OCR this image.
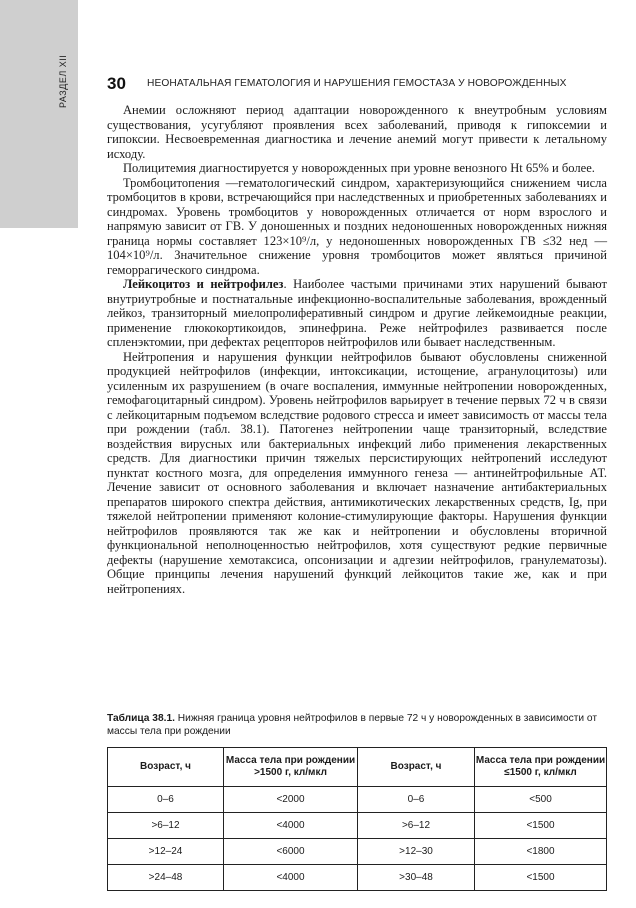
РАЗДЕЛ XII 30 НЕОНАТАЛЬНАЯ ГЕМАТОЛОГИЯ И НАРУШЕНИЯ ГЕМОСТАЗА У НОВОРОЖДЕННЫХ

Анемии осложняют период адаптации новорожденного к внеутробным условиям существования, усугубляют проявления всех заболеваний, приводя к гипоксемии и гипоксии. Несвоевременная диагностика и лечение анемий могут привести к летальному исходу.

Полицитемия диагностируется у новорожденных при уровне венозного Ht 65% и более.

Тромбоцитопения —гематологический синдром, характеризующийся снижением числа тромбоцитов в крови, встречающийся при наследственных и приобретенных заболеваниях и синдромах. Уровень тромбоцитов у новорожденных отличается от норм взрослого и напрямую зависит от ГВ. У доношенных и поздних недоношенных новорожденных нижняя граница нормы составляет 123×10⁹/л, у недоношенных новорожденных ГВ ≤32 нед — 104×10⁹/л. Значительное снижение уровня тромбоцитов может являться причиной геморрагического синдрома.

Лейкоцитоз и нейтрофилез. Наиболее частыми причинами этих нарушений бывают внутриутробные и постнатальные инфекционно-воспалительные заболевания, врожденный лейкоз, транзиторный миелопролиферативный синдром и другие лейкемоидные реакции, применение глюкокортикоидов, эпинефрина. Реже нейтрофилез развивается после спленэктомии, при дефектах рецепторов нейтрофилов или бывает наследственным.

Нейтропения и нарушения функции нейтрофилов бывают обусловлены сниженной продукцией нейтрофилов (инфекции, интоксикации, истощение, агранулоцитозы) или усиленным их разрушением (в очаге воспаления, иммунные нейтропении новорожденных, гемофагоцитарный синдром). Уровень нейтрофилов варьирует в течение первых 72 ч в связи с лейкоцитарным подъемом вследствие родового стресса и имеет зависимость от массы тела при рождении (табл. 38.1). Патогенез нейтропении чаще транзиторный, вследствие воздействия вирусных или бактериальных инфекций либо применения лекарственных средств. Для диагностики причин тяжелых персистирующих нейтропений исследуют пунктат костного мозга, для определения иммунного генеза — антинейтрофильные АТ. Лечение зависит от основного заболевания и включает назначение антибактериальных препаратов широкого спектра действия, антимикотических лекарственных средств, Ig, при тяжелой нейтропении применяют колоние-стимулирующие факторы. Нарушения функции нейтрофилов проявляются так же как и нейтропении и обусловлены вторичной функциональной неполноценностью нейтрофилов, хотя существуют редкие первичные дефекты (нарушение хемотаксиса, опсонизации и адгезии нейтрофилов, гранулематозы). Общие принципы лечения нарушений функций лейкоцитов такие же, как и при нейтропениях.

Таблица 38.1. Нижняя граница уровня нейтрофилов в первые 72 ч у новорожденных в зависимости от массы тела при рождении
Возраст, ч	Масса тела при рождении >1500 г, кл/мкл	Возраст, ч	Масса тела при рождении ≤1500 г, кл/мкл
0–6	<2000	0–6	<500
>6–12	<4000	>6–12	<1500
>12–24	<6000	>12–30	<1800
>24–48	<4000	>30–48	<1500
